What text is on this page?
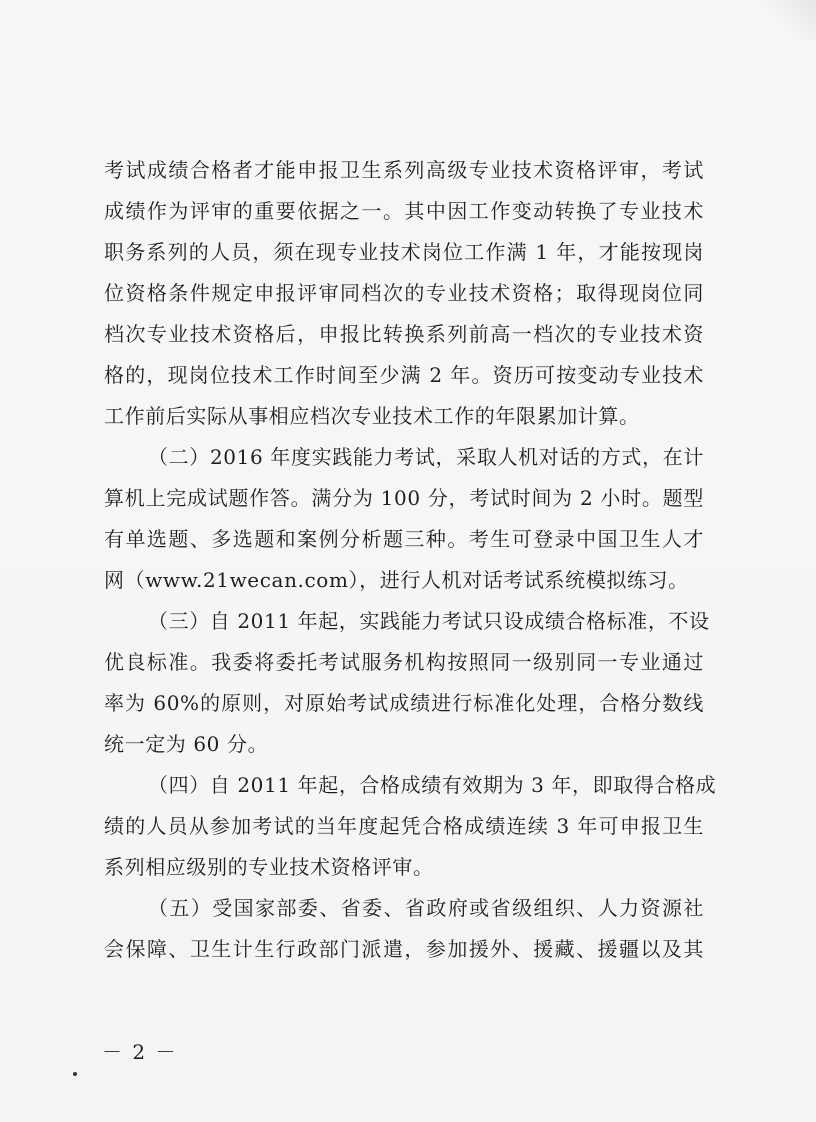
考试成绩合格者才能申报卫生系列高级专业技术资格评审，考试
成绩作为评审的重要依据之一。其中因工作变动转换了专业技术
职务系列的人员，须在现专业技术岗位工作满 1 年，才能按现岗
位资格条件规定申报评审同档次的专业技术资格；取得现岗位同
档次专业技术资格后，申报比转换系列前高一档次的专业技术资
格的，现岗位技术工作时间至少满 2 年。资历可按变动专业技术
工作前后实际从事相应档次专业技术工作的年限累加计算。
（二）2016 年度实践能力考试，采取人机对话的方式，在计
算机上完成试题作答。满分为 100 分，考试时间为 2 小时。题型
有单选题、多选题和案例分析题三种。考生可登录中国卫生人才
网（www.21wecan.com），进行人机对话考试系统模拟练习。
（三）自 2011 年起，实践能力考试只设成绩合格标准，不设
优良标准。我委将委托考试服务机构按照同一级别同一专业通过
率为 60%的原则，对原始考试成绩进行标准化处理，合格分数线
统一定为 60 分。
（四）自 2011 年起，合格成绩有效期为 3 年，即取得合格成
绩的人员从参加考试的当年度起凭合格成绩连续 3 年可申报卫生
系列相应级别的专业技术资格评审。
（五）受国家部委、省委、省政府或省级组织、人力资源社
会保障、卫生计生行政部门派遣，参加援外、援藏、援疆以及其
－ 2 －
